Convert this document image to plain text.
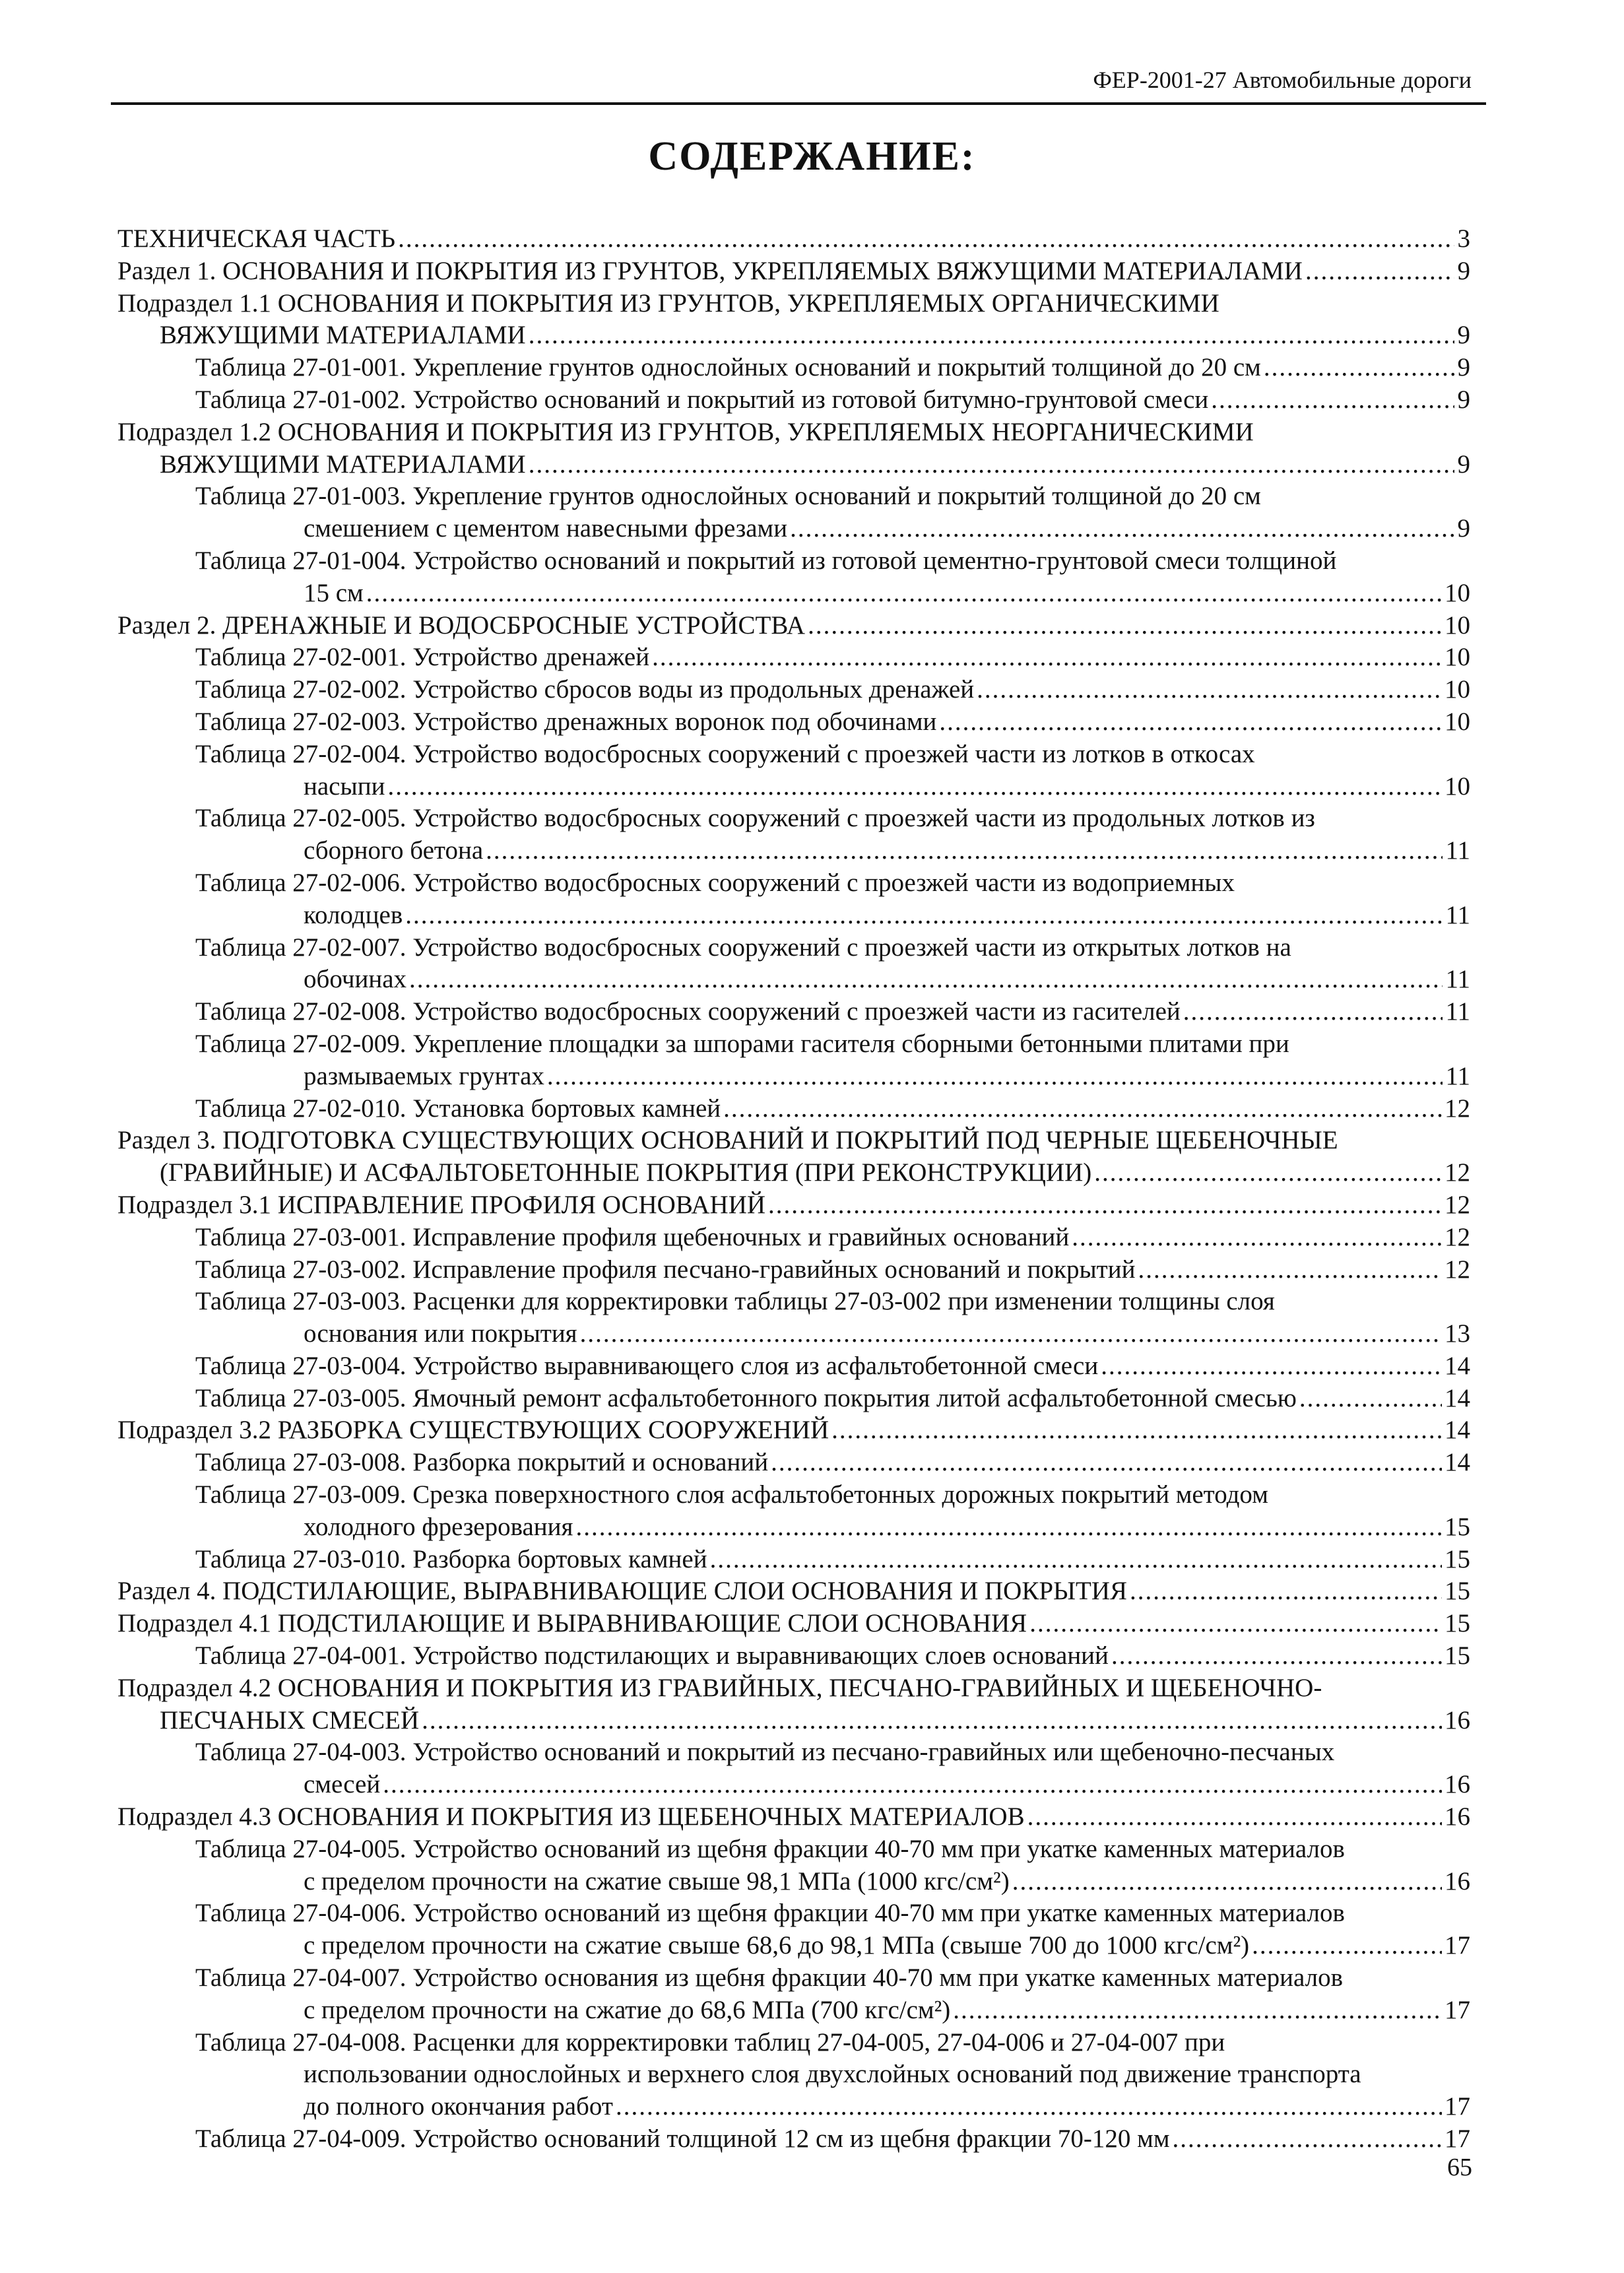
ФЕР-2001-27 Автомобильные дороги
СОДЕРЖАНИЕ:
ТЕХНИЧЕСКАЯ ЧАСТЬ .....	3
Раздел 1. ОСНОВАНИЯ И ПОКРЫТИЯ ИЗ ГРУНТОВ, УКРЕПЛЯЕМЫХ ВЯЖУЩИМИ МАТЕРИАЛАМИ .....	9
Подраздел 1.1 ОСНОВАНИЯ И ПОКРЫТИЯ ИЗ ГРУНТОВ, УКРЕПЛЯЕМЫХ ОРГАНИЧЕСКИМИ
ВЯЖУЩИМИ МАТЕРИАЛАМИ .....	9
Таблица 27-01-001. Укрепление грунтов однослойных оснований и покрытий толщиной до 20 см .....	9
Таблица 27-01-002. Устройство оснований и покрытий из готовой битумно-грунтовой смеси .....	9
Подраздел 1.2 ОСНОВАНИЯ И ПОКРЫТИЯ ИЗ ГРУНТОВ, УКРЕПЛЯЕМЫХ НЕОРГАНИЧЕСКИМИ
ВЯЖУЩИМИ МАТЕРИАЛАМИ .....	9
Таблица 27-01-003. Укрепление грунтов однослойных оснований и покрытий толщиной до 20 см
смешением с цементом навесными фрезами .....	9
Таблица 27-01-004. Устройство оснований и покрытий из готовой цементно-грунтовой смеси толщиной
15 см .....	10
Раздел 2. ДРЕНАЖНЫЕ И ВОДОСБРОСНЫЕ УСТРОЙСТВА .....	10
Таблица 27-02-001. Устройство дренажей .....	10
Таблица 27-02-002. Устройство сбросов воды из продольных дренажей .....	10
Таблица 27-02-003. Устройство дренажных воронок под обочинами .....	10
Таблица 27-02-004. Устройство водосбросных сооружений с проезжей части из лотков в откосах
насыпи .....	10
Таблица 27-02-005. Устройство водосбросных сооружений с проезжей части из продольных лотков из
сборного бетона .....	11
Таблица 27-02-006. Устройство водосбросных сооружений с проезжей части из водоприемных
колодцев .....	11
Таблица 27-02-007. Устройство водосбросных сооружений с проезжей части из открытых лотков на
обочинах .....	11
Таблица 27-02-008. Устройство водосбросных сооружений с проезжей части из гасителей .....	11
Таблица 27-02-009. Укрепление площадки за шпорами гасителя сборными бетонными плитами при
размываемых грунтах .....	11
Таблица 27-02-010. Установка бортовых камней .....	12
Раздел 3. ПОДГОТОВКА СУЩЕСТВУЮЩИХ ОСНОВАНИЙ И ПОКРЫТИЙ ПОД ЧЕРНЫЕ ЩЕБЕНОЧНЫЕ
(ГРАВИЙНЫЕ) И АСФАЛЬТОБЕТОННЫЕ ПОКРЫТИЯ (ПРИ РЕКОНСТРУКЦИИ) .....	12
Подраздел 3.1 ИСПРАВЛЕНИЕ ПРОФИЛЯ ОСНОВАНИЙ .....	12
Таблица 27-03-001. Исправление профиля щебеночных и гравийных оснований .....	12
Таблица 27-03-002. Исправление профиля песчано-гравийных оснований и покрытий .....	12
Таблица 27-03-003. Расценки для корректировки таблицы 27-03-002 при изменении толщины слоя
основания или покрытия .....	13
Таблица 27-03-004. Устройство выравнивающего слоя из асфальтобетонной смеси .....	14
Таблица 27-03-005. Ямочный ремонт асфальтобетонного покрытия литой асфальтобетонной смесью .....	14
Подраздел 3.2 РАЗБОРКА СУЩЕСТВУЮЩИХ СООРУЖЕНИЙ .....	14
Таблица 27-03-008. Разборка покрытий и оснований .....	14
Таблица 27-03-009. Срезка поверхностного слоя асфальтобетонных дорожных покрытий методом
холодного фрезерования .....	15
Таблица 27-03-010. Разборка бортовых камней .....	15
Раздел 4. ПОДСТИЛАЮЩИЕ, ВЫРАВНИВАЮЩИЕ СЛОИ ОСНОВАНИЯ И ПОКРЫТИЯ .....	15
Подраздел 4.1 ПОДСТИЛАЮЩИЕ И ВЫРАВНИВАЮЩИЕ СЛОИ ОСНОВАНИЯ .....	15
Таблица 27-04-001. Устройство подстилающих и выравнивающих слоев оснований .....	15
Подраздел 4.2 ОСНОВАНИЯ И ПОКРЫТИЯ ИЗ ГРАВИЙНЫХ, ПЕСЧАНО-ГРАВИЙНЫХ И ЩЕБЕНОЧНО-
ПЕСЧАНЫХ СМЕСЕЙ .....	16
Таблица 27-04-003. Устройство оснований и покрытий из песчано-гравийных или щебеночно-песчаных
смесей .....	16
Подраздел 4.3 ОСНОВАНИЯ И ПОКРЫТИЯ ИЗ ЩЕБЕНОЧНЫХ МАТЕРИАЛОВ .....	16
Таблица 27-04-005. Устройство оснований из щебня фракции 40-70 мм при укатке каменных материалов
с пределом прочности на сжатие свыше 98,1 МПа (1000 кгс/см²) .....	16
Таблица 27-04-006. Устройство оснований из щебня фракции 40-70 мм при укатке каменных материалов
с пределом прочности на сжатие свыше 68,6 до 98,1 МПа (свыше 700 до 1000 кгс/см²) .....	17
Таблица 27-04-007. Устройство основания из щебня фракции 40-70 мм при укатке каменных материалов
с пределом прочности на сжатие до 68,6 МПа (700 кгс/см²) .....	17
Таблица 27-04-008. Расценки для корректировки таблиц 27-04-005, 27-04-006 и 27-04-007 при
использовании однослойных и верхнего слоя двухслойных оснований под движение транспорта
до полного окончания работ .....	17
Таблица 27-04-009. Устройство оснований толщиной 12 см из щебня фракции 70-120 мм .....	17
65
